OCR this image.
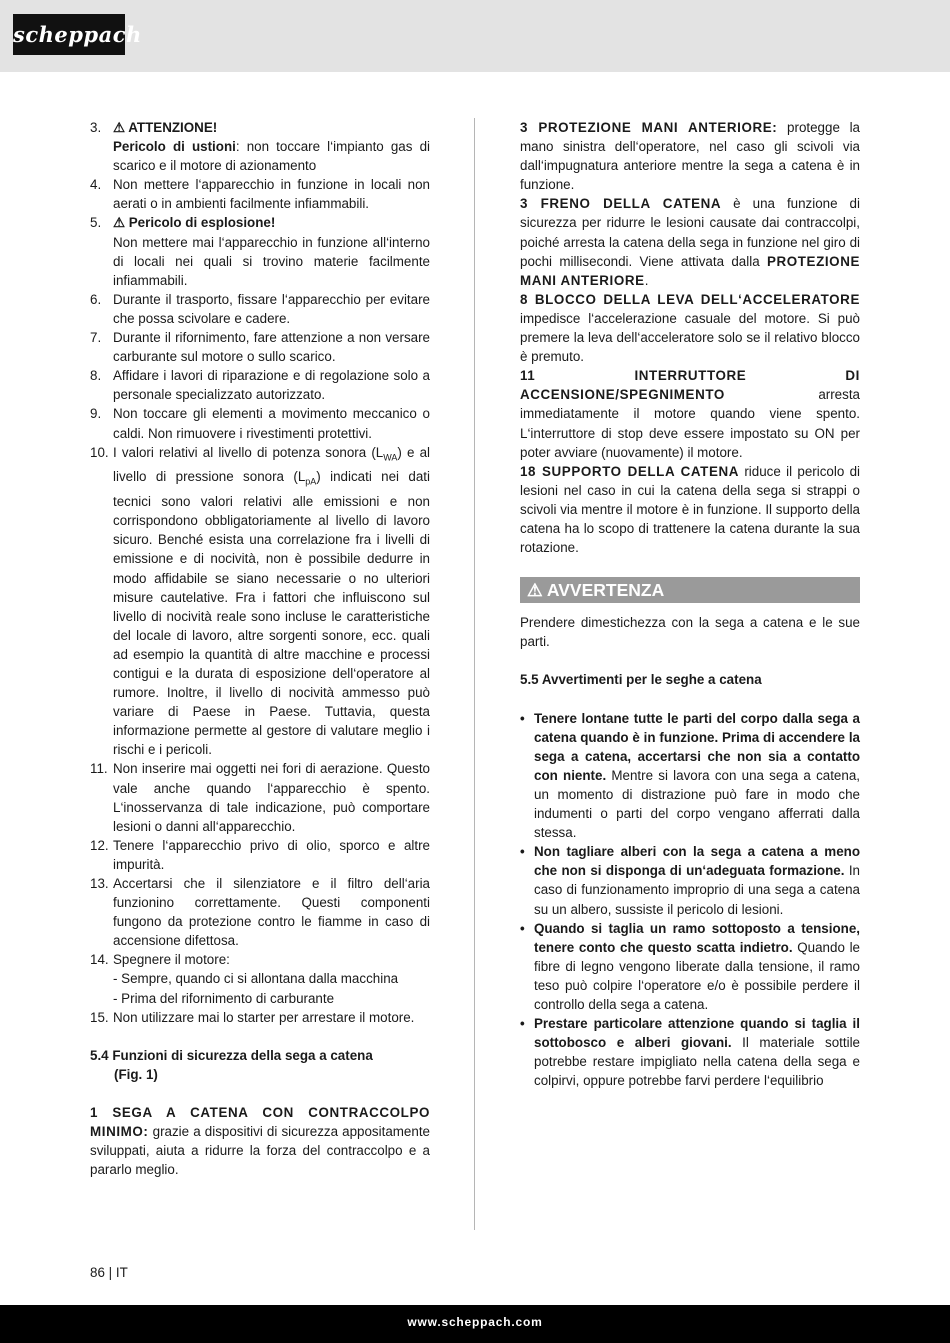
scheppach
3. ⚠ ATTENZIONE!
Pericolo di ustioni: non toccare l‘impianto gas di scarico e il motore di azionamento
4. Non mettere l‘apparecchio in funzione in locali non aerati o in ambienti facilmente infiammabili.
5. ⚠ Pericolo di esplosione!
Non mettere mai l‘apparecchio in funzione all‘interno di locali nei quali si trovino materie facilmente infiammabili.
6. Durante il trasporto, fissare l‘apparecchio per evitare che possa scivolare e cadere.
7. Durante il rifornimento, fare attenzione a non versare carburante sul motore o sullo scarico.
8. Affidare i lavori di riparazione e di regolazione solo a personale specializzato autorizzato.
9. Non toccare gli elementi a movimento meccanico o caldi. Non rimuovere i rivestimenti protettivi.
10. I valori relativi al livello di potenza sonora $(L_{WA})$ e al livello di pressione sonora $(L_{pA})$ indicati nei dati tecnici sono valori relativi alle emissioni e non corrispondono obbligatoriamente al livello di lavoro sicuro. Benché esista una correlazione fra i livelli di emissione e di nocività, non è possibile dedurre in modo affidabile se siano necessarie o no ulteriori misure cautelative. Fra i fattori che influiscono sul livello di nocività reale sono incluse le caratteristiche del locale di lavoro, altre sorgenti sonore, ecc. quali ad esempio la quantità di altre macchine e processi contigui e la durata di esposizione dell‘operatore al rumore. Inoltre, il livello di nocività ammesso può variare di Paese in Paese. Tuttavia, questa informazione permette al gestore di valutare meglio i rischi e i pericoli.
11. Non inserire mai oggetti nei fori di aerazione. Questo vale anche quando l‘apparecchio è spento. L‘inosservanza di tale indicazione, può comportare lesioni o danni all‘apparecchio.
12. Tenere l‘apparecchio privo di olio, sporco e altre impurità.
13. Accertarsi che il silenziatore e il filtro dell‘aria funzionino correttamente. Questi componenti fungono da protezione contro le fiamme in caso di accensione difettosa.
14. Spegnere il motore:
- Sempre, quando ci si allontana dalla macchina
- Prima del rifornimento di carburante
15. Non utilizzare mai lo starter per arrestare il motore.
5.4 Funzioni di sicurezza della sega a catena
(Fig. 1)

1 SEGA A CATENA CON CONTRACCOLPO MINIMO: grazie a dispositivi di sicurezza appositamente sviluppati, aiuta a ridurre la forza del contraccolpo e a pararlo meglio.

3 PROTEZIONE MANI ANTERIORE: protegge la mano sinistra dell‘operatore, nel caso gli scivoli via dall‘impugnatura anteriore mentre la sega a catena è in funzione.

3 FRENO DELLA CATENA è una funzione di sicurezza per ridurre le lesioni causate dai contraccolpi, poiché arresta la catena della sega in funzione nel giro di pochi millisecondi. Viene attivata dalla PROTEZIONE MANI ANTERIORE.

8 BLOCCO DELLA LEVA DELL‘ACCELERATORE impedisce l‘accelerazione casuale del motore. Si può premere la leva dell‘acceleratore solo se il relativo blocco è premuto.

11 INTERRUTTORE DI ACCENSIONE/SPEGNIMENTO arresta immediatamente il motore quando viene spento. L‘interruttore di stop deve essere impostato su ON per poter avviare (nuovamente) il motore.

18 SUPPORTO DELLA CATENA riduce il pericolo di lesioni nel caso in cui la catena della sega si strappi o scivoli via mentre il motore è in funzione. Il supporto della catena ha lo scopo di trattenere la catena durante la sua rotazione.

⚠ AVVERTENZA

Prendere dimestichezza con la sega a catena e le sue parti.

5.5 Avvertimenti per le seghe a catena
• Tenere lontane tutte le parti del corpo dalla sega a catena quando è in funzione. Prima di accendere la sega a catena, accertarsi che non sia a contatto con niente. Mentre si lavora con una sega a catena, un momento di distrazione può fare in modo che indumenti o parti del corpo vengano afferrati dalla stessa.
• Non tagliare alberi con la sega a catena a meno che non si disponga di un‘adeguata formazione. In caso di funzionamento improprio di una sega a catena su un albero, sussiste il pericolo di lesioni.
• Quando si taglia un ramo sottoposto a tensione, tenere conto che questo scatta indietro. Quando le fibre di legno vengono liberate dalla tensione, il ramo teso può colpire l‘operatore e/o è possibile perdere il controllo della sega a catena.
• Prestare particolare attenzione quando si taglia il sottobosco e alberi giovani. Il materiale sottile potrebbe restare impigliato nella catena della sega e colpirvi, oppure potrebbe farvi perdere l‘equilibrio
86 | IT
www.scheppach.com
